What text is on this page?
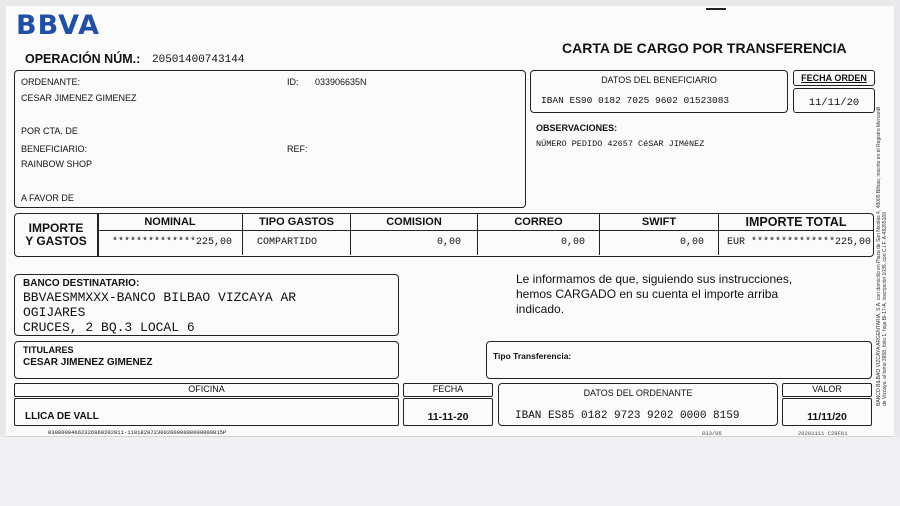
BBVA
OPERACIÓN NÚM.: 20501400743144
CARTA DE CARGO POR TRANSFERENCIA
ORDENANTE:
CESAR JIMENEZ GIMENEZ
ID: 033906635N
POR CTA. DE
BENEFICIARIO:
RAINBOW SHOP
REF:
A FAVOR DE
DATOS DEL BENEFICIARIO
IBAN ES90 0182 7025 9602 01523083
FECHA ORDEN
11/11/20
OBSERVACIONES:
NÚMERO PEDIDO 42657 CéSAR JIMéNEZ	BANCO BILBAO VIZCAYA ARGENTARIA, S.A. con domicilio en Plaza de San Nicolás 4, 48005 Bilbao, inscrito en el Registro Mercantil de Vizcaya, al tomo 3858, folio 1, hoja BI-17-A, inscripción 1035, con C.I.F. A-48265169
IMPORTE
Y GASTOS
NOMINAL	TIPO GASTOS	COMISION	CORREO	SWIFT	IMPORTE TOTAL
**************225,00	COMPARTIDO	0,00	0,00	0,00	EUR **************225,00
BANCO DESTINATARIO:
BBVAESMMXXX-BANCO BILBAO VIZCAYA AR
OGIJARES
CRUCES, 2 BQ.3 LOCAL 6
Le informamos de que, siguiendo sus instrucciones,
hemos CARGADO en su cuenta el importe arriba
indicado.
TITULARES
CESAR JIMENEZ GIMENEZ
Tipo Transferencia:
OFICINA
LLICA DE VALL
FECHA
11-11-20
DATOS DEL ORDENANTE
IBAN ES85 0182 9723 9202 0000 8159
VALOR
11/11/20
03000004662326960202011-11018297230020000000000000815P	033/05	20201111 C29F61
